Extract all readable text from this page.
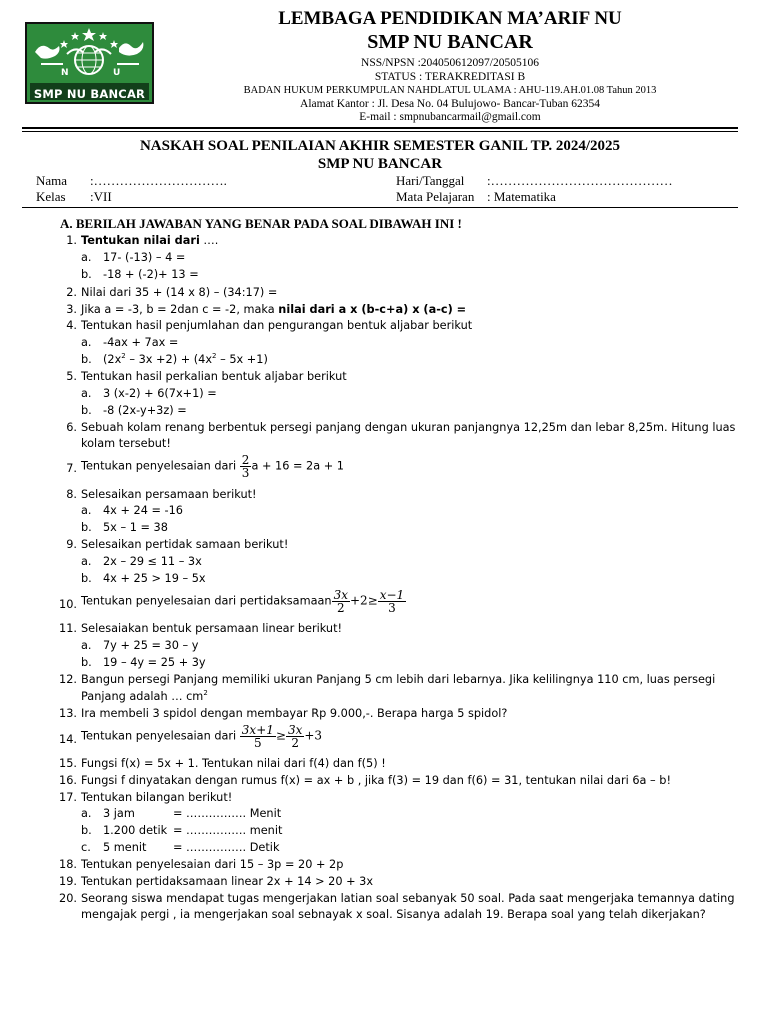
N	U
SMP NU BANCAR
LEMBAGA PENDIDIKAN MA’ARIF NU
SMP NU BANCAR
NSS/NPSN :204050612097/20505106
STATUS : TERAKREDITASI B
BADAN HUKUM PERKUMPULAN NAHDLATUL ULAMA : AHU-119.AH.01.08 Tahun 2013
Alamat Kantor : Jl. Desa No. 04 Bulujowo- Bancar-Tuban 62354
E-mail : smpnubancarmail@gmail.com
NASKAH SOAL PENILAIAN AKHIR SEMESTER GANIL TP. 2024/2025
SMP NU BANCAR
Nama :………………………….
Kelas :VII
Hari/Tanggal :……………………………………
Mata Pelajaran : Matematika
A. BERILAH JAWABAN YANG BENAR PADA SOAL DIBAWAH INI !
1. Tentukan nilai dari ….
a. 17- (-13) – 4 =
b. -18 + (-2)+ 13 =
2. Nilai dari 35 + (14 x 8) – (34:17) =
3. Jika a = -3, b = 2dan c = -2, maka nilai dari a x (b-c+a) x (a-c) =
4. Tentukan hasil penjumlahan dan pengurangan bentuk aljabar berikut
a. -4ax + 7ax =
b. $(2x^2 - 3x +2) + (4x^2 - 5x +1)$
5. Tentukan hasil perkalian bentuk aljabar berikut
a. 3 (x-2) + 6(7x+1) =
b. -8 (2x-y+3z) =
6. Sebuah kolam renang berbentuk persegi panjang dengan ukuran panjangnya 12,25m dan lebar 8,25m. Hitung luas
kolam tersebut!
7. Tentukan penyelesaian dari $\frac{2}{3}$ a + 16 = 2a + 1
8. Selesaikan persamaan berikut!
a. 4x + 24 = -16
b. 5x – 1 = 38
9. Selesaikan pertidak samaan berikut!
a. 2x – 29 ≤ 11 – 3x
b. 4x + 25 > 19 – 5x
10. Tentukan penyelesaian dari pertidaksamaan $\frac{3x}{2} +2\ge \frac{x-1}{3}$
11. Selesaiakan bentuk persamaan linear berikut!
a. 7y + 25 = 30 – y
b. 19 – 4y = 25 + 3y
12. Bangun persegi Panjang memiliki ukuran Panjang 5 cm lebih dari lebarnya. Jika kelilingnya 110 cm, luas persegi
Panjang adalah … $cm^2$
13. Ira membeli 3 spidol dengan membayar Rp 9.000,-. Berapa harga 5 spidol?
14. Tentukan penyelesaian dari $\frac{3x+1}{5} \ge \frac{3x}{2} +3$
15. Fungsi f(x) = 5x + 1. Tentukan nilai dari f(4) dan f(5) !
16. Fungsi f dinyatakan dengan rumus f(x) = ax + b , jika f(3) = 19 dan f(6) = 31, tentukan nilai dari 6a – b!
17. Tentukan bilangan berikut!
a. 3 jam	= ……………. Menit
b. 1.200 detik = ……………. menit
c. 5 menit = ……………. Detik
18. Tentukan penyelesaian dari 15 – 3p = 20 + 2p
19. Tentukan pertidaksamaan linear 2x + 14 > 20 + 3x
20. Seorang siswa mendapat tugas mengerjakan latian soal sebanyak 50 soal. Pada saat mengerjaka temannya dating
mengajak pergi , ia mengerjakan soal sebnayak x soal. Sisanya adalah 19. Berapa soal yang telah dikerjakan?
